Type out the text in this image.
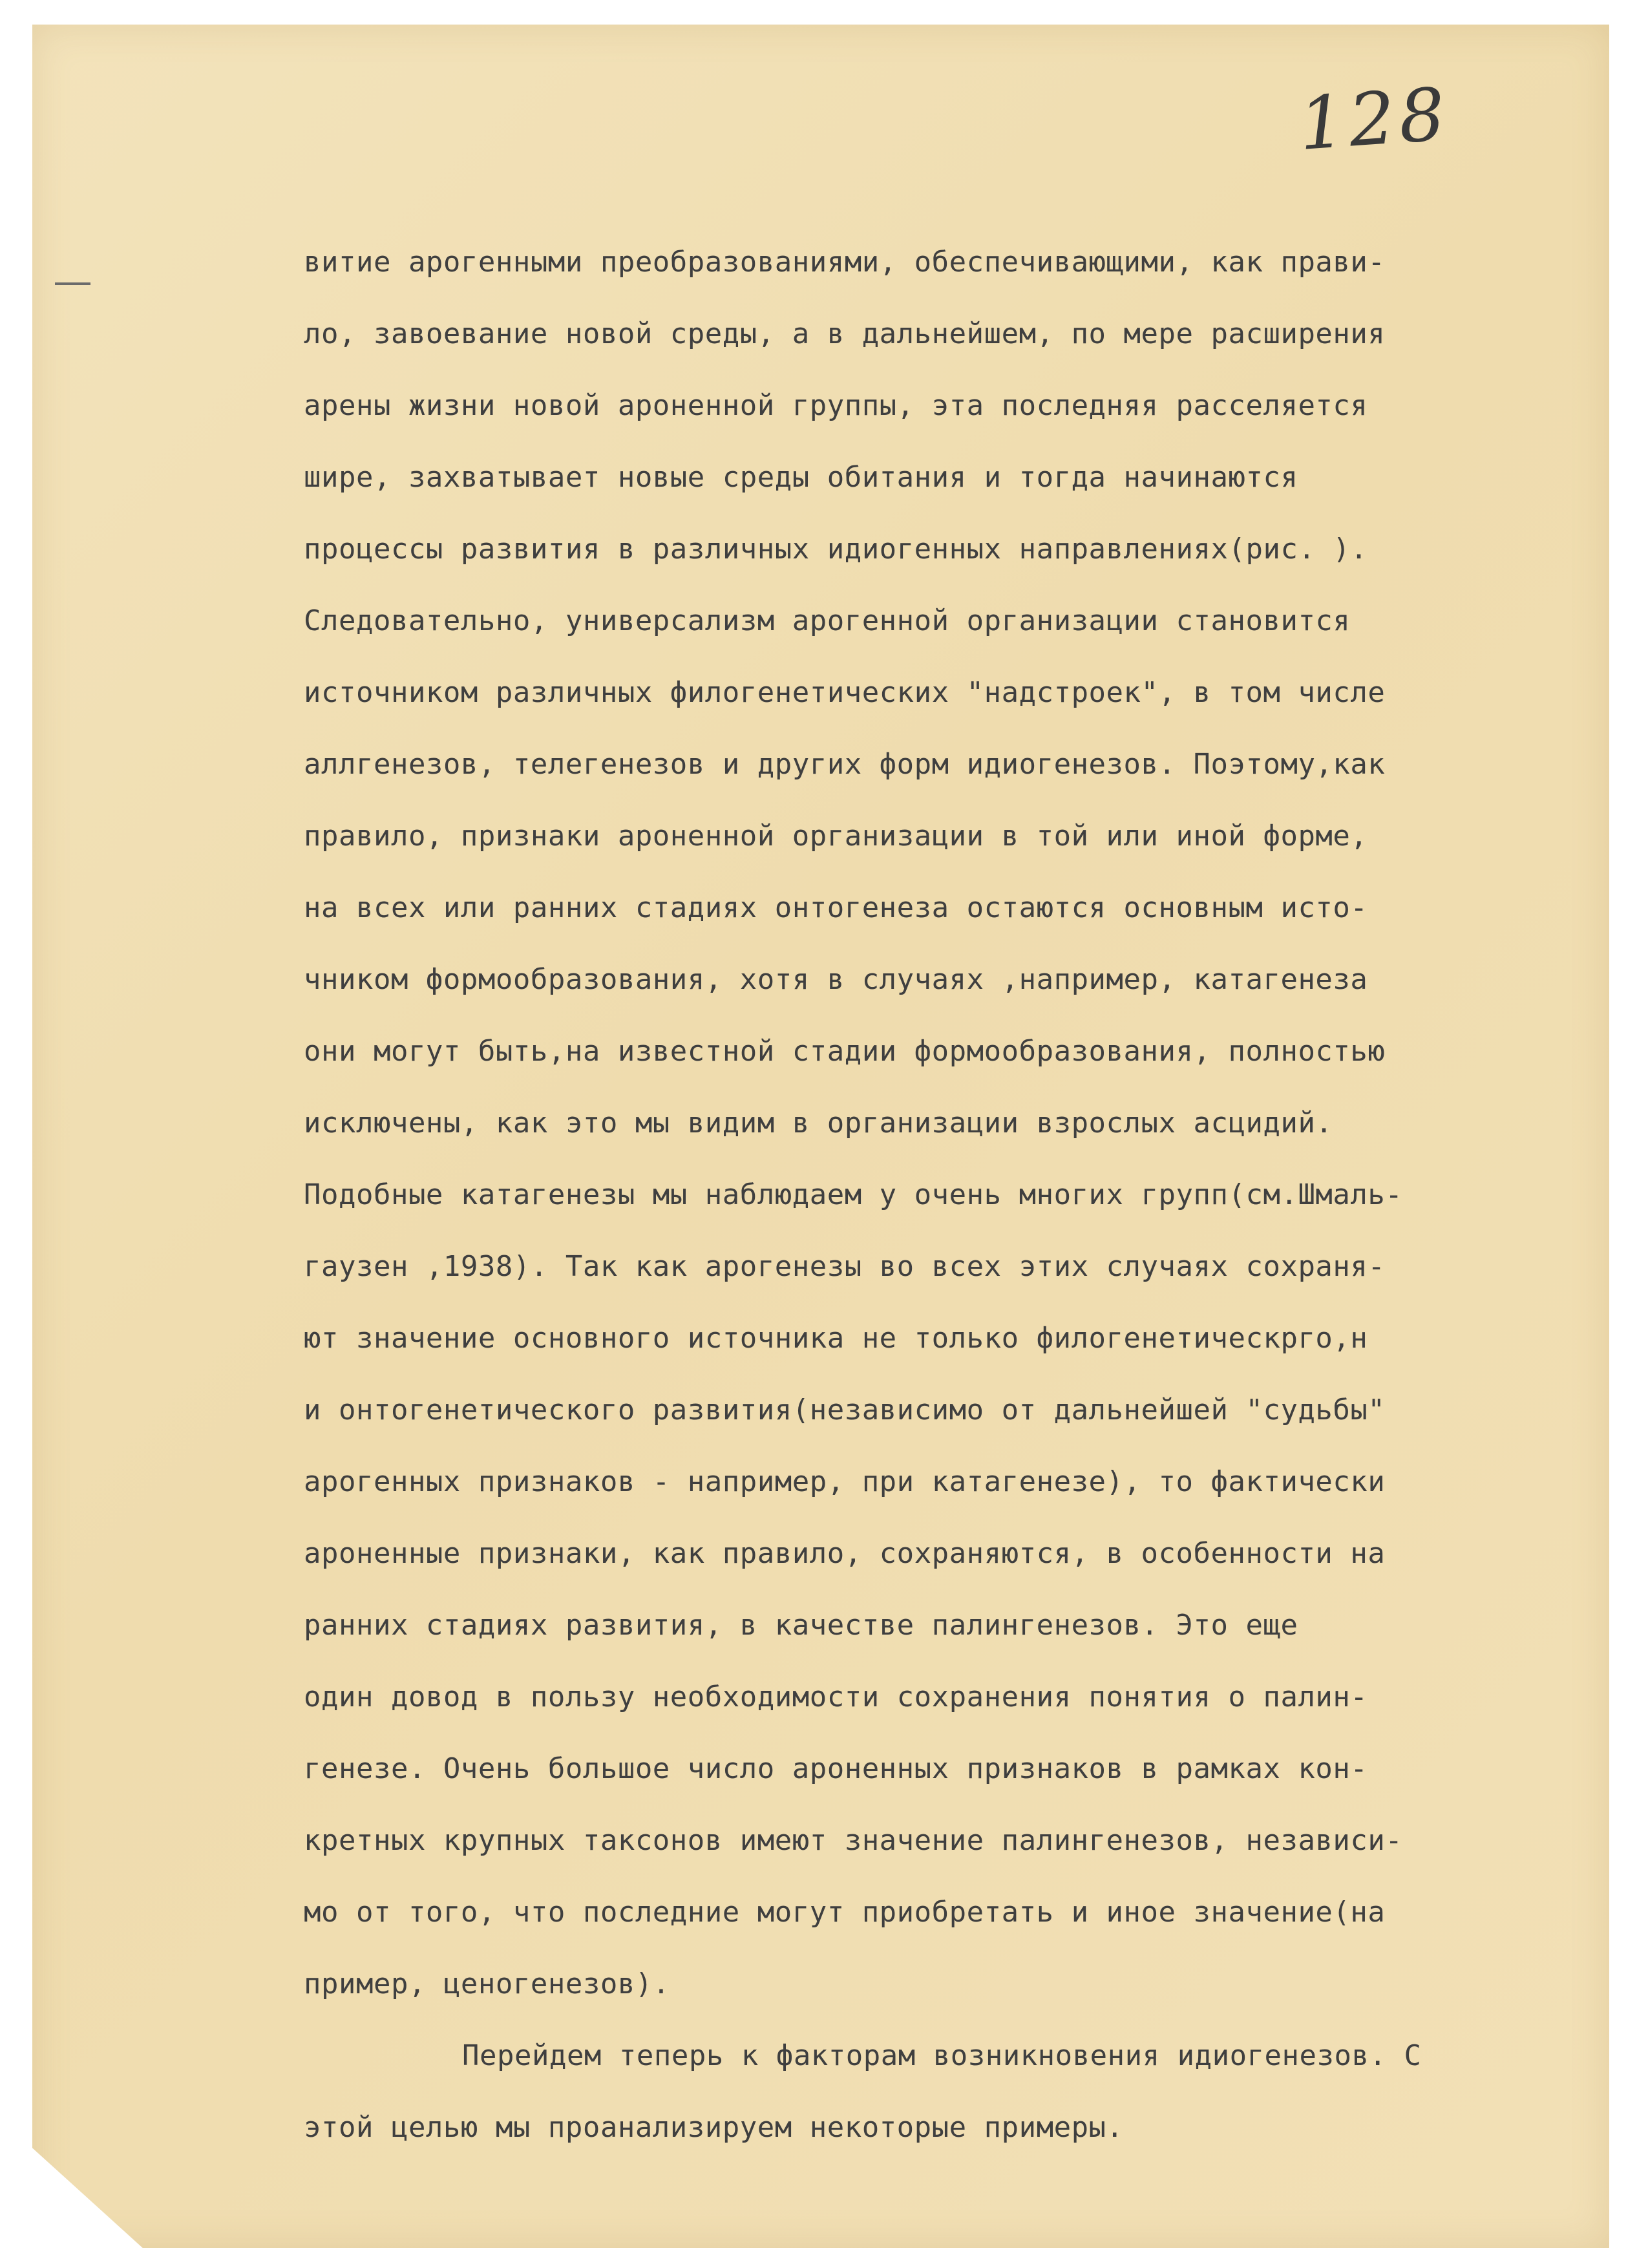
128
витие арогенными преобразованиями, обеспечивающими, как прави-
ло, завоевание новой среды, а в дальнейшем, по мере расширения
арены жизни новой ароненной группы, эта последняя расселяется
шире, захватывает новые среды обитания и тогда начинаются
процессы развития в различных идиогенных направлениях(рис. ).
Следовательно, универсализм арогенной организации становится
источником различных филогенетических "надстроек", в том числе
аллгенезов, телегенезов и других форм идиогенезов. Поэтому,как
правило, признаки ароненной организации в той или иной форме,
на всех или ранних стадиях онтогенеза остаются основным исто-
чником формообразования, хотя в случаях ,например, катагенеза
они могут быть,на известной стадии формообразования, полностью
исключены, как это мы видим в организации взрослых асцидий.
Подобные катагенезы мы наблюдаем у очень многих групп(см.Шмаль-
гаузен ,1938). Так как арогенезы во всех этих случаях сохраня-
ют значение основного источника не только филогенетическрго,н
и онтогенетического развития(независимо от дальнейшей "судьбы"
арогенных признаков - например, при катагенезе), то фактически
ароненные признаки, как правило, сохраняются, в особенности на
ранних стадиях развития, в качестве палингенезов. Это еще
один довод в пользу необходимости сохранения понятия о палин-
генезе. Очень большое число ароненных признаков в рамках кон-
кретных крупных таксонов имеют значение палингенезов, независи-
мо от того, что последние могут приобретать и иное значение(на
пример, ценогенезов).
Перейдем теперь к факторам возникновения идиогенезов. С
этой целью мы проанализируем некоторые примеры.
